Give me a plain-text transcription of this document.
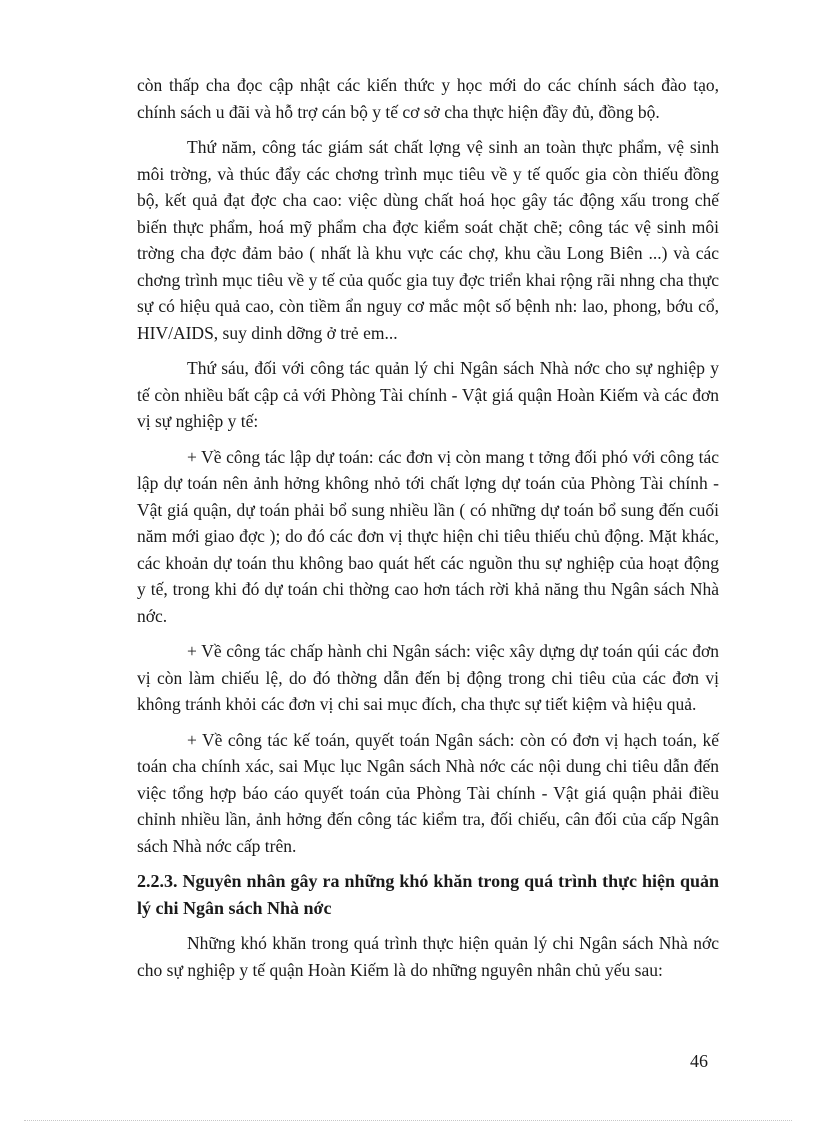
còn thấp cha đọc cập nhật các kiến thức y học mới do các chính sách đào tạo, chính sách u đãi và hỗ trợ cán bộ y tế cơ sở cha thực hiện đầy đủ, đồng bộ.

Thứ năm, công tác giám sát chất lợng vệ sinh an toàn thực phẩm, vệ sinh môi trờng, và thúc đẩy các chơng trình mục tiêu về y tế quốc gia còn thiếu đồng bộ, kết quả đạt đợc cha cao: việc dùng chất hoá học gây tác động xấu trong chế biến thực phẩm, hoá mỹ phẩm cha đợc kiểm soát chặt chẽ; công tác vệ sinh môi trờng cha đợc đảm bảo ( nhất là khu vực các chợ, khu cầu Long Biên ...) và các chơng trình mục tiêu về y tế của quốc gia tuy đợc triển khai rộng rãi nhng cha thực sự có hiệu quả cao, còn tiềm ẩn nguy cơ mắc một số bệnh nh: lao, phong, bớu cổ, HIV/AIDS, suy dinh dỡng ở trẻ em...

Thứ sáu, đối với công tác quản lý chi Ngân sách Nhà nớc cho sự nghiệp y tế còn nhiều bất cập cả với Phòng Tài chính - Vật giá quận Hoàn Kiếm và các đơn vị sự nghiệp y tế:

+ Về công tác lập dự toán: các đơn vị còn mang t tởng đối phó với công tác lập dự toán nên ảnh hởng không nhỏ tới chất lợng dự toán của Phòng Tài chính - Vật giá quận, dự toán phải bổ sung nhiều lần ( có những dự toán bổ sung đến cuối năm mới giao đợc ); do đó các đơn vị thực hiện chi tiêu thiếu chủ động. Mặt khác, các khoản dự toán thu không bao quát hết các nguồn thu sự nghiệp của hoạt động y tế, trong khi đó dự toán chi thờng cao hơn tách rời khả năng thu Ngân sách Nhà nớc.

+ Về công tác chấp hành chi Ngân sách: việc xây dựng dự toán qúi các đơn vị còn làm chiếu lệ, do đó thờng dẫn đến bị động trong chi tiêu của các đơn vị không tránh khỏi các đơn vị chi sai mục đích, cha thực sự tiết kiệm và hiệu quả.

+ Về công tác kế toán, quyết toán Ngân sách: còn có đơn vị hạch toán, kế toán cha chính xác, sai Mục lục Ngân sách Nhà nớc các nội dung chi tiêu dẫn đến việc tổng hợp báo cáo quyết toán của Phòng Tài chính - Vật giá quận phải điều chỉnh nhiều lần, ảnh hởng đến công tác kiểm tra, đối chiếu, cân đối của cấp Ngân sách Nhà nớc cấp trên.

2.2.3. Nguyên nhân gây ra những khó khăn trong quá trình thực hiện quản lý chi Ngân sách Nhà nớc

Những khó khăn trong quá trình thực hiện quản lý chi Ngân sách Nhà nớc cho sự nghiệp y tế quận Hoàn Kiếm là do những nguyên nhân chủ yếu sau:

46
